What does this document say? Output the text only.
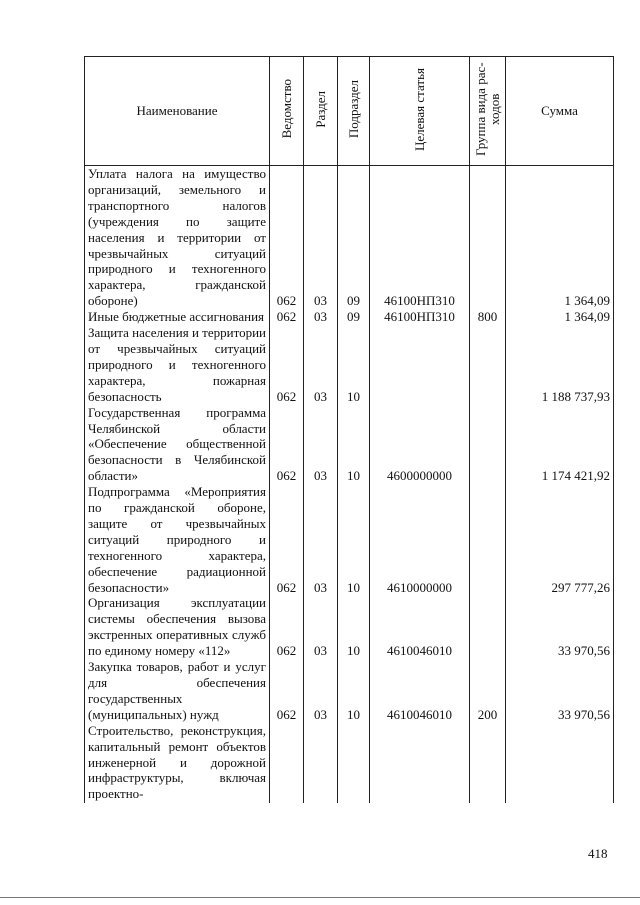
Наименование	Ведомство	Раздел	Подраздел	Целевая статья	Группа вида рас-ходов	Сумма
Уплата налога на имущество организаций, земельного и транспортного налогов (учреждения по защите населения и территории от чрезвычайных ситуаций природного и техногенного характера, гражданской обороне)	062	03	09	46100НП310		1 364,09
Иные бюджетные ассигнования	062	03	09	46100НП310	800	1 364,09
Защита населения и территории от чрезвычайных ситуаций природного и техногенного характера, пожарная безопасность	062	03	10			1 188 737,93
Государственная программа Челябинской области «Обеспечение общественной безопасности в Челябинской области»	062	03	10	4600000000		1 174 421,92
Подпрограмма «Мероприятия по гражданской обороне, защите от чрезвычайных ситуаций природного и техногенного характера, обеспечение радиационной безопасности»	062	03	10	4610000000		297 777,26
Организация эксплуатации системы обеспечения вызова экстренных оперативных служб по единому номеру «112»	062	03	10	4610046010		33 970,56
Закупка товаров, работ и услуг для обеспечения государственных (муниципальных) нужд	062	03	10	4610046010	200	33 970,56
Строительство, реконструкция, капитальный ремонт объектов инженерной и дорожной инфраструктуры, включая проектно-						
418
